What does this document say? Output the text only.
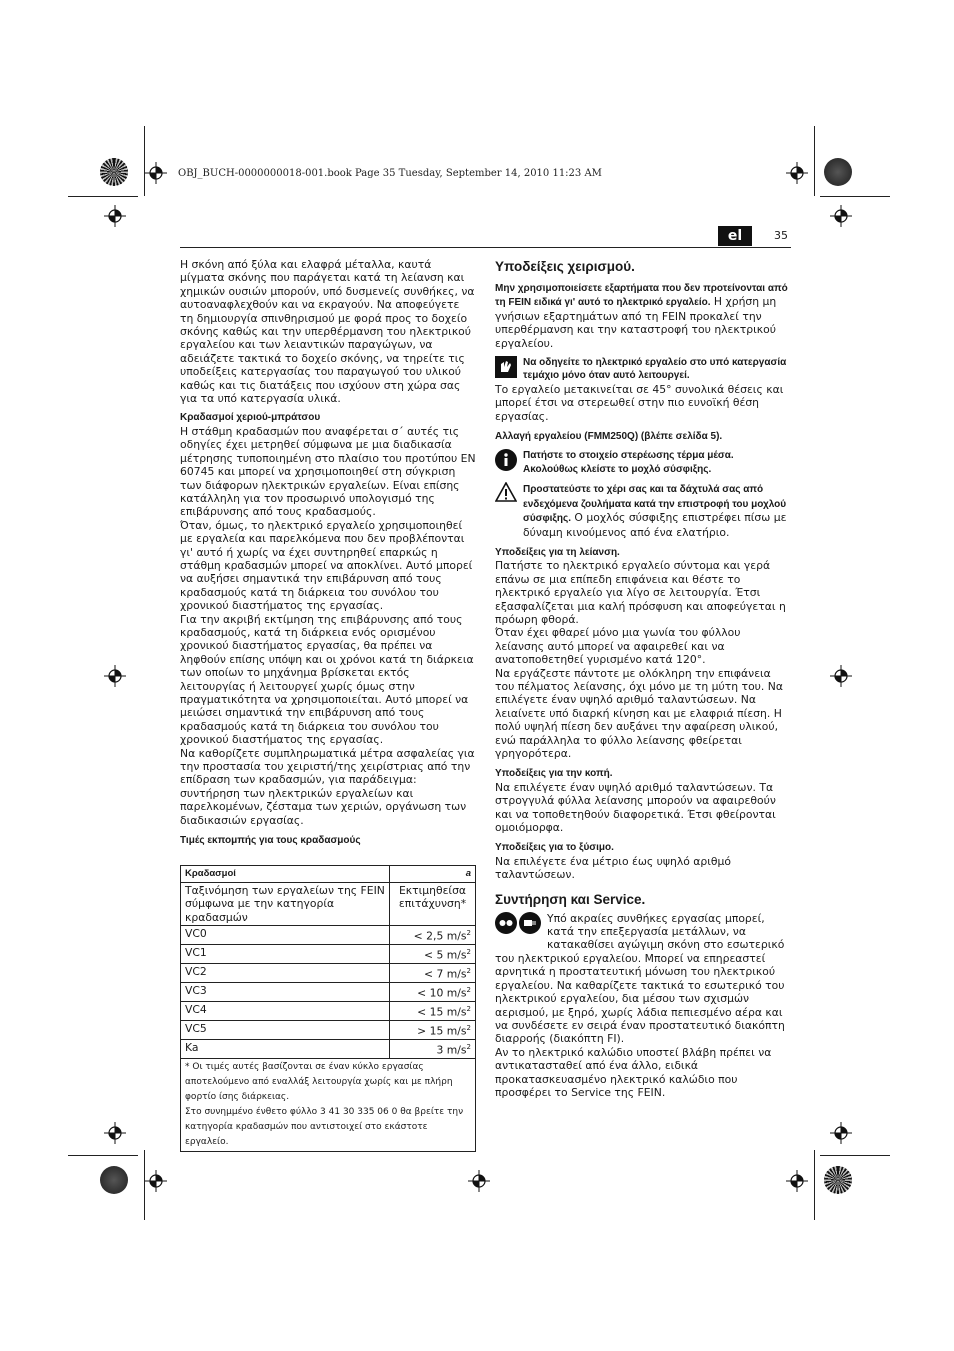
OBJ_BUCH-0000000018-001.book Page 35 Tuesday, September 14, 2010 11:23 AM
el	35

Η σκόνη από ξύλα και ελαφρά μέταλλα, καυτά μίγματα σκόνης που παράγεται κατά τη λείανση και χημικών ουσιών μπορούν, υπό δυσμενείς συνθήκες, να αυτοαναφλεχθούν και να εκραγούν. Να αποφεύγετε τη δημιουργία σπινθηρισμού με φορά προς το δοχείο σκόνης καθώς και την υπερθέρμανση του ηλεκτρικού εργαλείου και των λειαντικών παραγώγων, να αδειάζετε τακτικά το δοχείο σκόνης, να τηρείτε τις υποδείξεις κατεργασίας του παραγωγού του υλικού καθώς και τις διατάξεις που ισχύουν στη χώρα σας για τα υπό κατεργασία υλικά.

Κραδασμοί χεριού-μπράτσου

Η στάθμη κραδασμών που αναφέρεται σ΄ αυτές τις οδηγίες έχει μετρηθεί σύμφωνα με μια διαδικασία μέτρησης τυποποιημένη στο πλαίσιο του προτύπου EN 60745 και μπορεί να χρησιμοποιηθεί στη σύγκριση των διάφορων ηλεκτρικών εργαλείων. Είναι επίσης κατάλληλη για τον προσωρινό υπολογισμό της επιβάρυνσης από τους κραδασμούς.

Όταν, όμως, το ηλεκτρικό εργαλείο χρησιμοποιηθεί με εργαλεία και παρελκόμενα που δεν προβλέπονται γι' αυτό ή χωρίς να έχει συντηρηθεί επαρκώς η στάθμη κραδασμών μπορεί να αποκλίνει. Αυτό μπορεί να αυξήσει σημαντικά την επιβάρυνση από τους κραδασμούς κατά τη διάρκεια του συνόλου του χρονικού διαστήματος της εργασίας.

Για την ακριβή εκτίμηση της επιβάρυνσης από τους κραδασμούς, κατά τη διάρκεια ενός ορισμένου χρονικού διαστήματος εργασίας, θα πρέπει να ληφθούν επίσης υπόψη και οι χρόνοι κατά τη διάρκεια των οποίων το μηχάνημα βρίσκεται εκτός λειτουργίας ή λειτουργεί χωρίς όμως στην πραγματικότητα να χρησιμοποιείται. Αυτό μπορεί να μειώσει σημαντικά την επιβάρυνση από τους κραδασμούς κατά τη διάρκεια του συνόλου του χρονικού διαστήματος της εργασίας.

Να καθορίζετε συμπληρωματικά μέτρα ασφαλείας για την προστασία του χειριστή/της χειρίστριας από την επίδραση των κραδασμών, για παράδειγμα: συντήρηση των ηλεκτρικών εργαλείων και παρελκομένων, ζέσταμα των χεριών, οργάνωση των διαδικασιών εργασίας.

Τιμές εκπομπής για τους κραδασμούς

Κραδασμοί	a
Ταξινόμηση των εργαλείων της FEIN σύμφωνα με την κατηγορία κραδασμών	Εκτιμηθείσα επιτάχυνση*
VC0	< 2,5 $m/s^2$
VC1	< 5 $m/s^2$
VC2	< 7 $m/s^2$
VC3	< 10 $m/s^2$
VC4	< 15 $m/s^2$
VC5	> 15 $m/s^2$
Ka	3 $m/s^2$

* Οι τιμές αυτές βασίζονται σε έναν κύκλο εργασίας αποτελούμενο από εναλλάξ λειτουργία χωρίς και με πλήρη φορτίο ίσης διάρκειας.
Στο συνημμένο ένθετο φύλλο 3 41 30 335 06 0 θα βρείτε την κατηγορία κραδασμών που αντιστοιχεί στο εκάστοτε εργαλείο.	

Υποδείξεις χειρισμού.

Μην χρησιμοποιείσετε εξαρτήματα που δεν προτείνονται από τη FEIN ειδικά γι' αυτό το ηλεκτρικό εργαλείο. Η χρήση μη γνήσιων εξαρτημάτων από τη FEIN προκαλεί την υπερθέρμανση και την καταστροφή του ηλεκτρικού εργαλείου.

Να οδηγείτε το ηλεκτρικό εργαλείο στο υπό κατεργασία τεμάχιο μόνο όταν αυτό λειτουργεί.

Το εργαλείο μετακινείται σε 45° συνολικά θέσεις και μπορεί έτσι να στερεωθεί στην πιο ευνοϊκή θέση εργασίας.

Αλλαγή εργαλείου (FMM250Q) (βλέπε σελίδα 5).

Πατήστε το στοιχείο στερέωσης τέρμα μέσα. Ακολούθως κλείστε το μοχλό σύσφιξης.

Προστατεύστε το χέρι σας και τα δάχτυλά σας από ενδεχόμενα ζουλήματα κατά την επιστροφή του μοχλού σύσφιξης. Ο μοχλός σύσφιξης επιστρέφει πίσω με δύναμη κινούμενος από ένα ελατήριο.

Υποδείξεις για τη λείανση.

Πατήστε το ηλεκτρικό εργαλείο σύντομα και γερά επάνω σε μια επίπεδη επιφάνεια και θέστε το ηλεκτρικό εργαλείο για λίγο σε λειτουργία. Έτσι εξασφαλίζεται μια καλή πρόσφυση και αποφεύγεται η πρόωρη φθορά.

Όταν έχει φθαρεί μόνο μια γωνία του φύλλου λείανσης αυτό μπορεί να αφαιρεθεί και να ανατοποθετηθεί γυρισμένο κατά 120°.

Να εργάζεστε πάντοτε με ολόκληρη την επιφάνεια του πέλματος λείανσης, όχι μόνο με τη μύτη του. Να επιλέγετε έναν υψηλό αριθμό ταλαντώσεων. Να λειαίνετε υπό διαρκή κίνηση και με ελαφριά πίεση. Η πολύ υψηλή πίεση δεν αυξάνει την αφαίρεση υλικού, ενώ παράλληλα το φύλλο λείανσης φθείρεται γρηγορότερα.

Υποδείξεις για την κοπή.

Να επιλέγετε έναν υψηλό αριθμό ταλαντώσεων. Τα στρογγυλά φύλλα λείανσης μπορούν να αφαιρεθούν και να τοποθετηθούν διαφορετικά. Έτσι φθείρονται ομοιόμορφα.

Υποδείξεις για το ξύσιμο.

Να επιλέγετε ένα μέτριο έως υψηλό αριθμό ταλαντώσεων.

Συντήρηση και Service.

Υπό ακραίες συνθήκες εργασίας μπορεί, κατά την επεξεργασία μετάλλων, να κατακαθίσει αγώγιμη σκόνη στο εσωτερικό

του ηλεκτρικού εργαλείου. Μπορεί να επηρεαστεί αρνητικά η προστατευτική μόνωση του ηλεκτρικού εργαλείου. Να καθαρίζετε τακτικά το εσωτερικό του ηλεκτρικού εργαλείου, δια μέσου των σχισμών αερισμού, με ξηρό, χωρίς λάδια πεπιεσμένο αέρα και να συνδέσετε εν σειρά έναν προστατευτικό διακόπτη διαρροής (διακόπτη FI).

Αν το ηλεκτρικό καλώδιο υποστεί βλάβη πρέπει να αντικατασταθεί από ένα άλλο, ειδικά προκατασκευασμένο ηλεκτρικό καλώδιο που προσφέρει το Service της FEIN.
